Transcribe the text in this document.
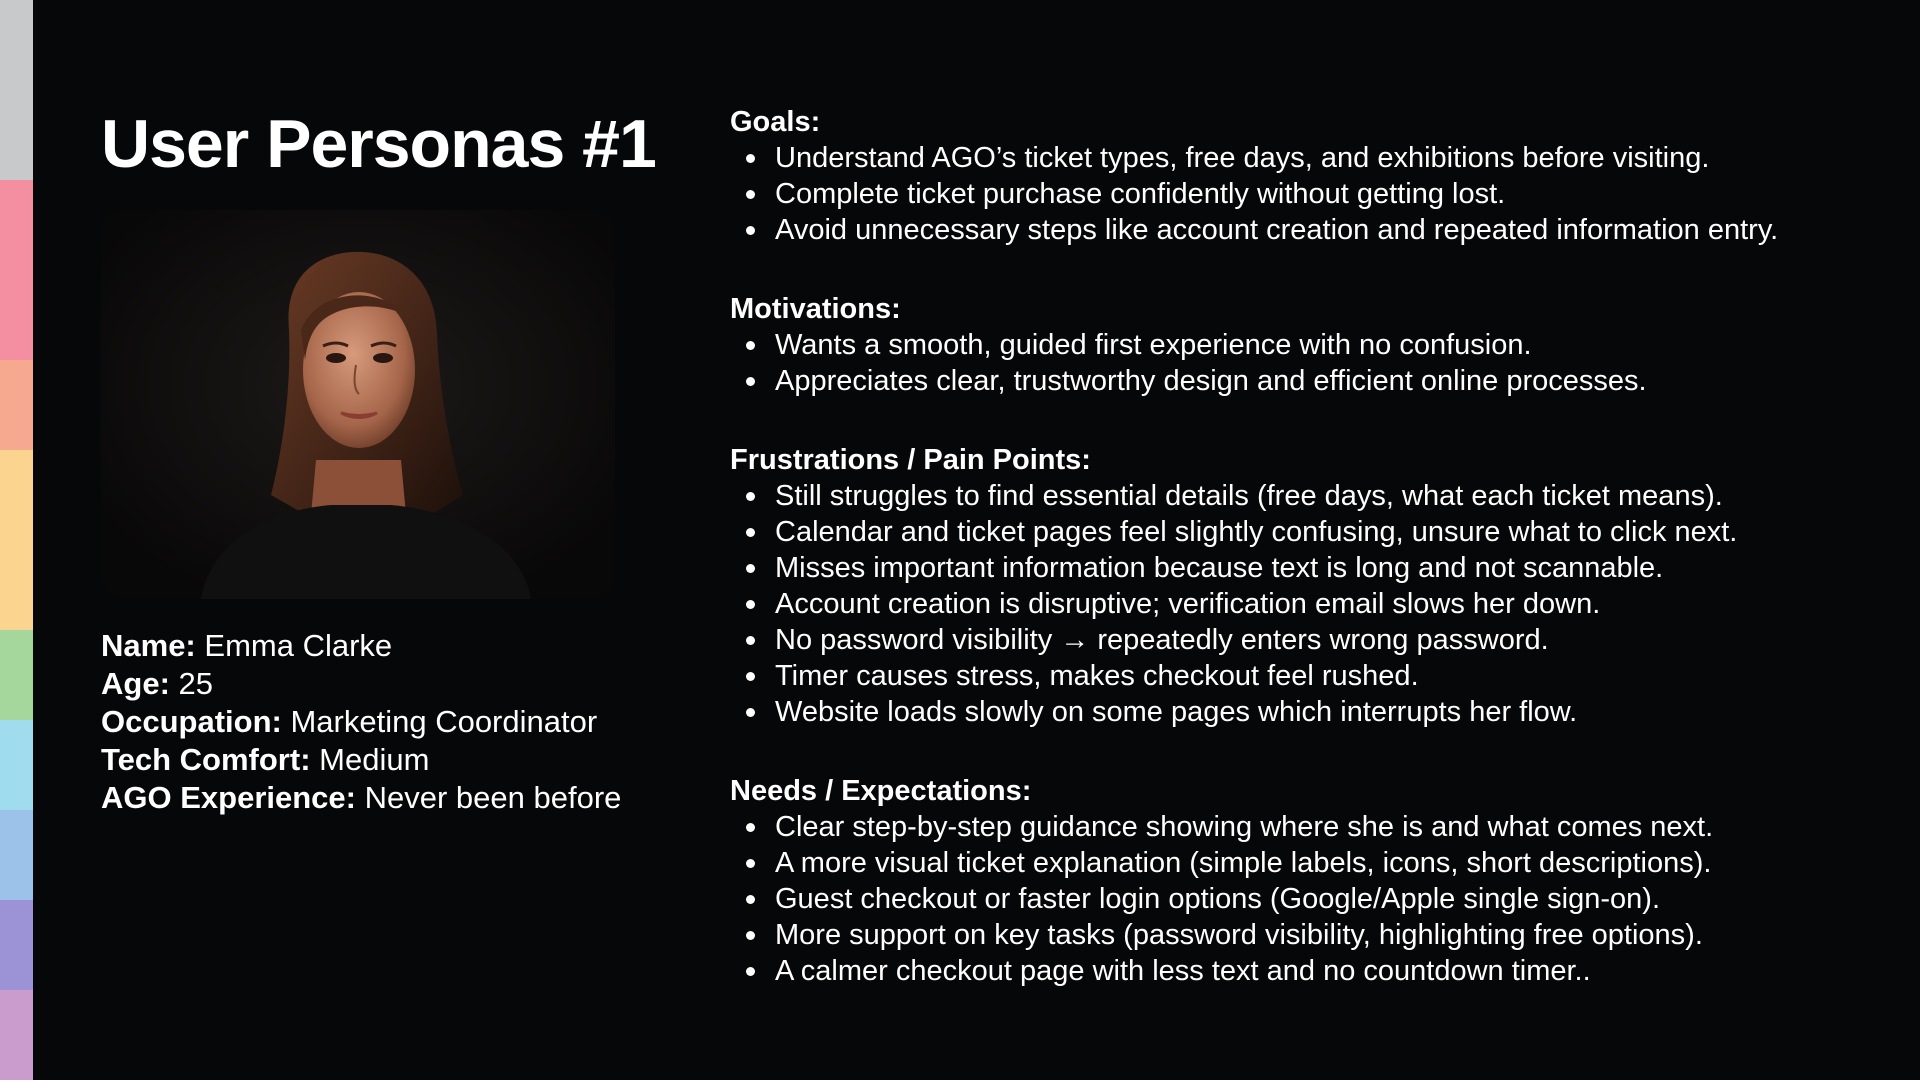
User Personas #1
Name: Emma Clarke
Age: 25
Occupation: Marketing Coordinator
Tech Comfort: Medium
AGO Experience: Never been before
Goals:
Understand AGO’s ticket types, free days, and exhibitions before visiting.
Complete ticket purchase confidently without getting lost.
Avoid unnecessary steps like account creation and repeated information entry.
Motivations:
Wants a smooth, guided first experience with no confusion.
Appreciates clear, trustworthy design and efficient online processes.
Frustrations / Pain Points:
Still struggles to find essential details (free days, what each ticket means).
Calendar and ticket pages feel slightly confusing, unsure what to click next.
Misses important information because text is long and not scannable.
Account creation is disruptive; verification email slows her down.
No password visibility → repeatedly enters wrong password.
Timer causes stress, makes checkout feel rushed.
Website loads slowly on some pages which interrupts her flow.
Needs / Expectations:
Clear step-by-step guidance showing where she is and what comes next.
A more visual ticket explanation (simple labels, icons, short descriptions).
Guest checkout or faster login options (Google/Apple single sign-on).
More support on key tasks (password visibility, highlighting free options).
A calmer checkout page with less text and no countdown timer..
